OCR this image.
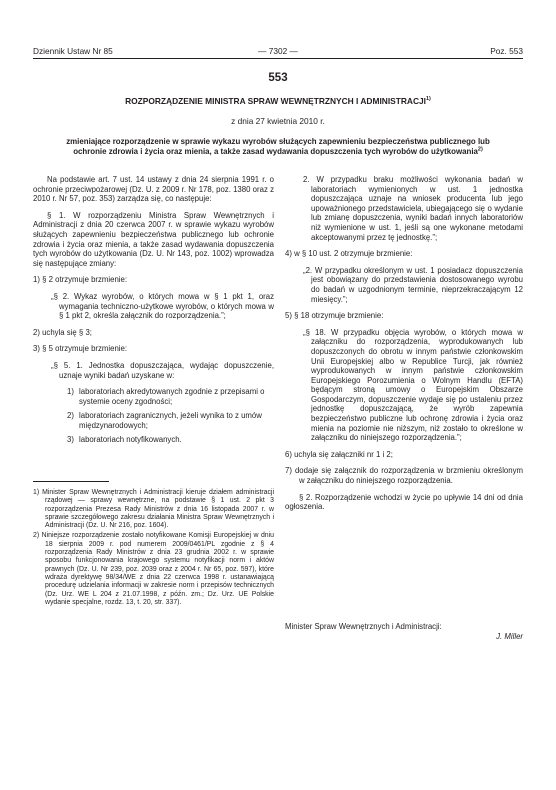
Dziennik Ustaw Nr 85	— 7302 —	Poz. 553
553
ROZPORZĄDZENIE MINISTRA SPRAW WEWNĘTRZNYCH I ADMINISTRACJI$^{1)}$
z dnia 27 kwietnia 2010 r.
zmieniające rozporządzenie w sprawie wykazu wyrobów służących zapewnieniu bezpieczeństwa publicznego lub ochronie zdrowia i życia oraz mienia, a także zasad wydawania dopuszczenia tych wyrobów do użytkowania$^{2)}$

Na podstawie art. 7 ust. 14 ustawy z dnia 24 sierpnia 1991 r. o ochronie przeciwpożarowej (Dz. U. z 2009 r. Nr 178, poz. 1380 oraz z 2010 r. Nr 57, poz. 353) zarządza się, co następuje:

§ 1. W rozporządzeniu Ministra Spraw Wewnętrznych i Administracji z dnia 20 czerwca 2007 r. w sprawie wykazu wyrobów służących zapewnieniu bezpieczeństwa publicznego lub ochronie zdrowia i życia oraz mienia, a także zasad wydawania dopuszczenia tych wyrobów do użytkowania (Dz. U. Nr 143, poz. 1002) wprowadza się następujące zmiany:

1) § 2 otrzymuje brzmienie:
„§ 2. Wykaz wyrobów, o których mowa w § 1 pkt 1, oraz wymagania techniczno-użytkowe wyrobów, o których mowa w § 1 pkt 2, określa załącznik do rozporządzenia.”;
2) uchyla się § 3;
3) § 5 otrzymuje brzmienie:
„§ 5. 1. Jednostka dopuszczająca, wydając dopuszczenie, uznaje wyniki badań uzyskane w:
1) laboratoriach akredytowanych zgodnie z przepisami o systemie oceny zgodności;
2) laboratoriach zagranicznych, jeżeli wynika to z umów międzynarodowych;
3) laboratoriach notyfikowanych.

1) Minister Spraw Wewnętrznych i Administracji kieruje działem administracji rządowej — sprawy wewnętrzne, na podstawie § 1 ust. 2 pkt 3 rozporządzenia Prezesa Rady Ministrów z dnia 16 listopada 2007 r. w sprawie szczegółowego zakresu działania Ministra Spraw Wewnętrznych i Administracji (Dz. U. Nr 216, poz. 1604).

2) Niniejsze rozporządzenie zostało notyfikowane Komisji Europejskiej w dniu 18 sierpnia 2009 r. pod numerem 2009/0461/PL zgodnie z § 4 rozporządzenia Rady Ministrów z dnia 23 grudnia 2002 r. w sprawie sposobu funkcjonowania krajowego systemu notyfikacji norm i aktów prawnych (Dz. U. Nr 239, poz. 2039 oraz z 2004 r. Nr 65, poz. 597), które wdraża dyrektywę 98/34/WE z dnia 22 czerwca 1998 r. ustanawiającą procedurę udzielania informacji w zakresie norm i przepisów technicznych (Dz. Urz. WE L 204 z 21.07.1998, z późn. zm.; Dz. Urz. UE Polskie wydanie specjalne, rozdz. 13, t. 20, str. 337).

2. W przypadku braku możliwości wykonania badań w laboratoriach wymienionych w ust. 1 jednostka dopuszczająca uznaje na wniosek producenta lub jego upoważnionego przedstawiciela, ubiegającego się o wydanie lub zmianę dopuszczenia, wyniki badań innych laboratoriów niż wymienione w ust. 1, jeśli są one wykonane metodami akceptowanymi przez tę jednostkę.”;
4) w § 10 ust. 2 otrzymuje brzmienie:
„2. W przypadku określonym w ust. 1 posiadacz dopuszczenia jest obowiązany do przedstawienia dostosowanego wyrobu do badań w uzgodnionym terminie, nieprzekraczającym 12 miesięcy.”;
5) § 18 otrzymuje brzmienie:
„§ 18. W przypadku objęcia wyrobów, o których mowa w załączniku do rozporządzenia, wyprodukowanych lub dopuszczonych do obrotu w innym państwie członkowskim Unii Europejskiej albo w Republice Turcji, jak również wyprodukowanych w innym państwie członkowskim Europejskiego Porozumienia o Wolnym Handlu (EFTA) będącym stroną umowy o Europejskim Obszarze Gospodarczym, dopuszczenie wydaje się po ustaleniu przez jednostkę dopuszczającą, że wyrób zapewnia bezpieczeństwo publiczne lub ochronę zdrowia i życia oraz mienia na poziomie nie niższym, niż zostało to określone w załączniku do niniejszego rozporządzenia.”;
6) uchyla się załączniki nr 1 i 2;
7) dodaje się załącznik do rozporządzenia w brzmieniu określonym w załączniku do niniejszego rozporządzenia.

§ 2. Rozporządzenie wchodzi w życie po upływie 14 dni od dnia ogłoszenia.

Minister Spraw Wewnętrznych i Administracji:
J. Miller
